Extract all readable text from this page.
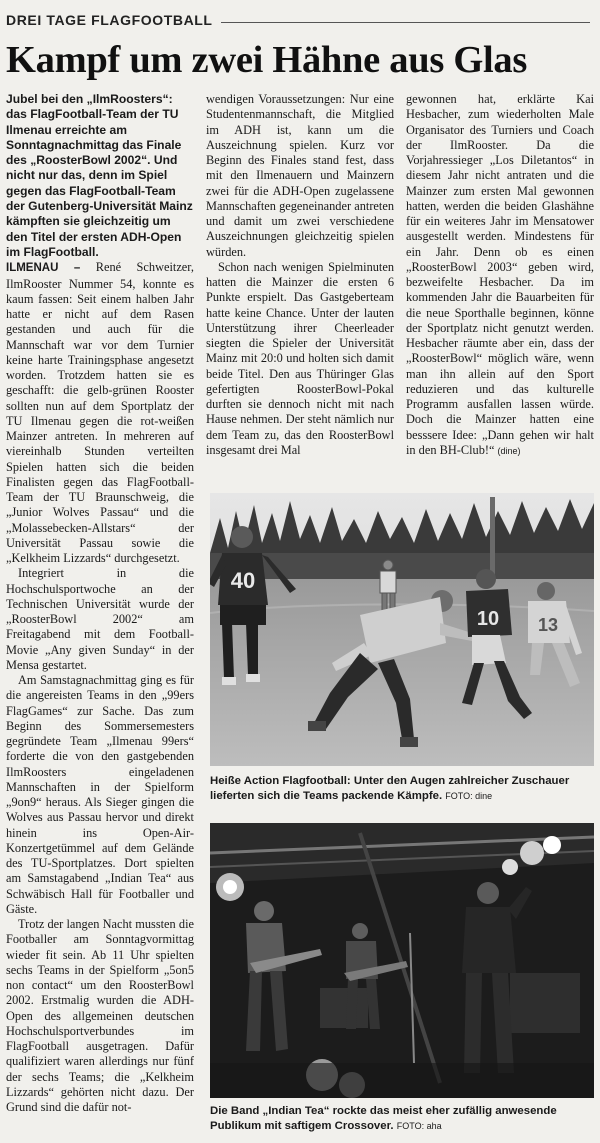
DREI TAGE FLAGFOOTBALL
Kampf um zwei Hähne aus Glas

Jubel bei den „IlmRoosters“: das FlagFootball-Team der TU Ilmenau erreichte am Sonntagnachmittag das Finale des „RoosterBowl 2002“. Und nicht nur das, denn im Spiel gegen das FlagFootball-Team der Gutenberg-Universität Mainz kämpften sie gleichzeitig um den Titel der ersten ADH-Open im FlagFootball.

ILMENAU – René Schweitzer, IlmRooster Nummer 54, konnte es kaum fassen: Seit einem halben Jahr hatte er nicht auf dem Rasen gestanden und auch für die Mannschaft war vor dem Turnier keine harte Trainingsphase angesetzt worden. Trotzdem hatten sie es geschafft: die gelb-grünen Rooster sollten nun auf dem Sportplatz der TU Ilmenau gegen die rot-weißen Mainzer antreten. In mehreren auf viereinhalb Stunden verteilten Spielen hatten sich die beiden Finalisten gegen das FlagFootball-Team der TU Braunschweig, die „Junior Wolves Passau“ und die „Molassebecken-Allstars“ der Universität Passau sowie die „Kelkheim Lizzards“ durchgesetzt.

Integriert in die Hochschulsportwoche an der Technischen Universität wurde der „RoosterBowl 2002“ am Freitagabend mit dem Football-Movie „Any given Sunday“ in der Mensa gestartet.

Am Samstagnachmittag ging es für die angereisten Teams in den „99ers FlagGames“ zur Sache. Das zum Beginn des Sommersemesters gegründete Team „Ilmenau 99ers“ forderte die von den gastgebenden IlmRoosters eingeladenen Mannschaften in der Spielform „9on9“ heraus. Als Sieger gingen die Wolves aus Passau hervor und direkt hinein ins Open-Air-Konzertgetümmel auf dem Gelände des TU-Sportplatzes. Dort spielten am Samstagabend „Indian Tea“ aus Schwäbisch Hall für Footballer und Gäste.

Trotz der langen Nacht mussten die Footballer am Sonntagvormittag wieder fit sein. Ab 11 Uhr spielten sechs Teams in der Spielform „5on5 non contact“ um den RoosterBowl 2002. Erstmalig wurden die ADH-Open des allgemeinen deutschen Hochschulsportverbundes im FlagFootball ausgetragen. Dafür qualifiziert waren allerdings nur fünf der sechs Teams; die „Kelkheim Lizzards“ gehörten nicht dazu. Der Grund sind die dafür not-

wendigen Voraussetzungen: Nur eine Studentenmannschaft, die Mitglied im ADH ist, kann um die Auszeichnung spielen. Kurz vor Beginn des Finales stand fest, dass mit den Ilmenauern und Mainzern zwei für die ADH-Open zugelassene Mannschaften gegeneinander antreten und damit um zwei verschiedene Auszeichnungen gleichzeitig spielen würden.

Schon nach wenigen Spielminuten hatten die Mainzer die ersten 6 Punkte erspielt. Das Gastgeberteam hatte keine Chance. Unter der lauten Unterstützung ihrer Cheerleader siegten die Spieler der Universität Mainz mit 20:0 und holten sich damit beide Titel. Den aus Thüringer Glas gefertigten RoosterBowl-Pokal durften sie dennoch nicht mit nach Hause nehmen. Der steht nämlich nur dem Team zu, das den RoosterBowl insgesamt drei Mal

gewonnen hat, erklärte Kai Hesbacher, zum wiederholten Male Organisator des Turniers und Coach der IlmRooster. Da die Vorjahressieger „Los Diletantos“ in diesem Jahr nicht antraten und die Mainzer zum ersten Mal gewonnen hatten, werden die beiden Glashähne für ein weiteres Jahr im Mensatower ausgestellt werden. Mindestens für ein Jahr. Denn ob es einen „RoosterBowl 2003“ geben wird, bezweifelte Hesbacher. Da im kommenden Jahr die Bauarbeiten für die neue Sporthalle beginnen, könne der Sportplatz nicht genutzt werden. Hesbacher räumte aber ein, dass der „RoosterBowl“ möglich wäre, wenn man ihn allein auf den Sport reduzieren und das kulturelle Programm ausfallen lassen würde. Doch die Mainzer hatten eine besssere Idee: „Dann gehen wir halt in den BH-Club!“ (dine)

40
10 13
Heiße Action Flagfootball: Unter den Augen zahlreicher Zuschauer lieferten sich die Teams packende Kämpfe. FOTO: dine
Die Band „Indian Tea“ rockte das meist eher zufällig anwesende Publikum mit saftigem Crossover. FOTO: aha
